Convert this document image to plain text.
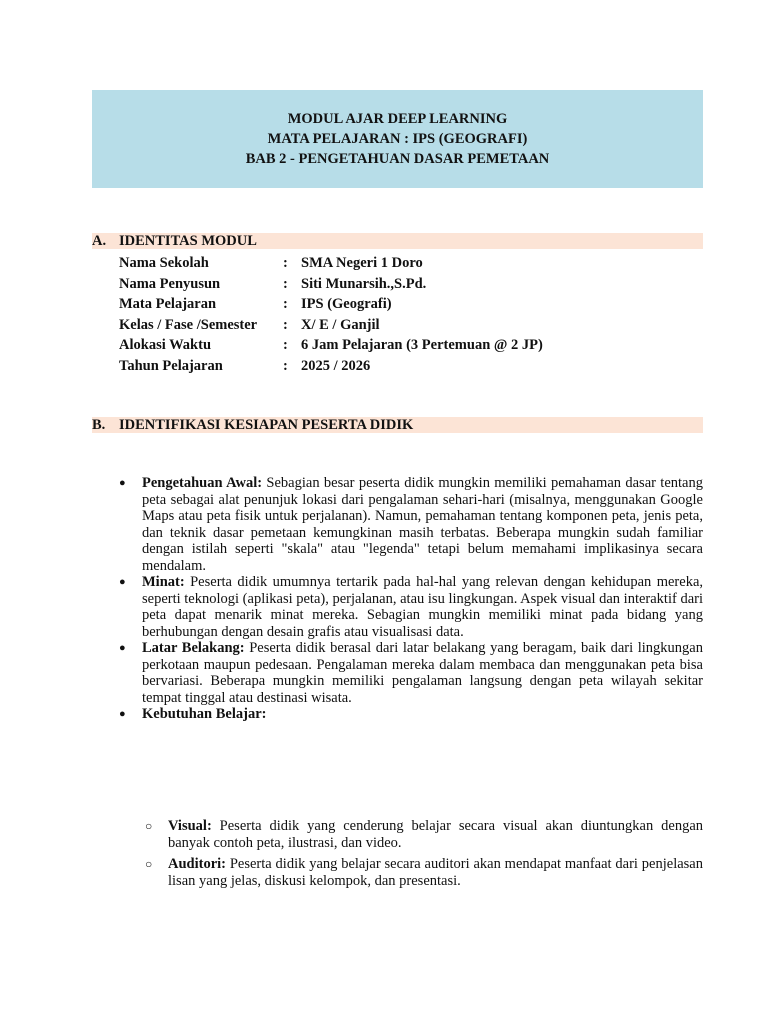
MODUL AJAR DEEP LEARNING
MATA PELAJARAN : IPS (GEOGRAFI)
BAB 2 - PENGETAHUAN DASAR PEMETAAN
A. IDENTITAS MODUL
Nama Sekolah	: SMA Negeri 1 Doro
Nama Penyusun	: Siti Munarsih.,S.Pd.
Mata Pelajaran	: IPS (Geografi)
Kelas / Fase /Semester	: X/ E / Ganjil
Alokasi Waktu	: 6 Jam Pelajaran (3 Pertemuan @ 2 JP)
Tahun Pelajaran	: 2025 / 2026
B. IDENTIFIKASI KESIAPAN PESERTA DIDIK
● Pengetahuan Awal: Sebagian besar peserta didik mungkin memiliki pemahaman dasar tentang peta sebagai alat penunjuk lokasi dari pengalaman sehari-hari (misalnya, menggunakan Google Maps atau peta fisik untuk perjalanan). Namun, pemahaman tentang komponen peta, jenis peta, dan teknik dasar pemetaan kemungkinan masih terbatas. Beberapa mungkin sudah familiar dengan istilah seperti "skala" atau "legenda" tetapi belum memahami implikasinya secara mendalam.
● Minat: Peserta didik umumnya tertarik pada hal-hal yang relevan dengan kehidupan mereka, seperti teknologi (aplikasi peta), perjalanan, atau isu lingkungan. Aspek visual dan interaktif dari peta dapat menarik minat mereka. Sebagian mungkin memiliki minat pada bidang yang berhubungan dengan desain grafis atau visualisasi data.
● Latar Belakang: Peserta didik berasal dari latar belakang yang beragam, baik dari lingkungan perkotaan maupun pedesaan. Pengalaman mereka dalam membaca dan menggunakan peta bisa bervariasi. Beberapa mungkin memiliki pengalaman langsung dengan peta wilayah sekitar tempat tinggal atau destinasi wisata.
● Kebutuhan Belajar:
○ Visual: Peserta didik yang cenderung belajar secara visual akan diuntungkan dengan banyak contoh peta, ilustrasi, dan video.
○ Auditori: Peserta didik yang belajar secara auditori akan mendapat manfaat dari penjelasan lisan yang jelas, diskusi kelompok, dan presentasi.
